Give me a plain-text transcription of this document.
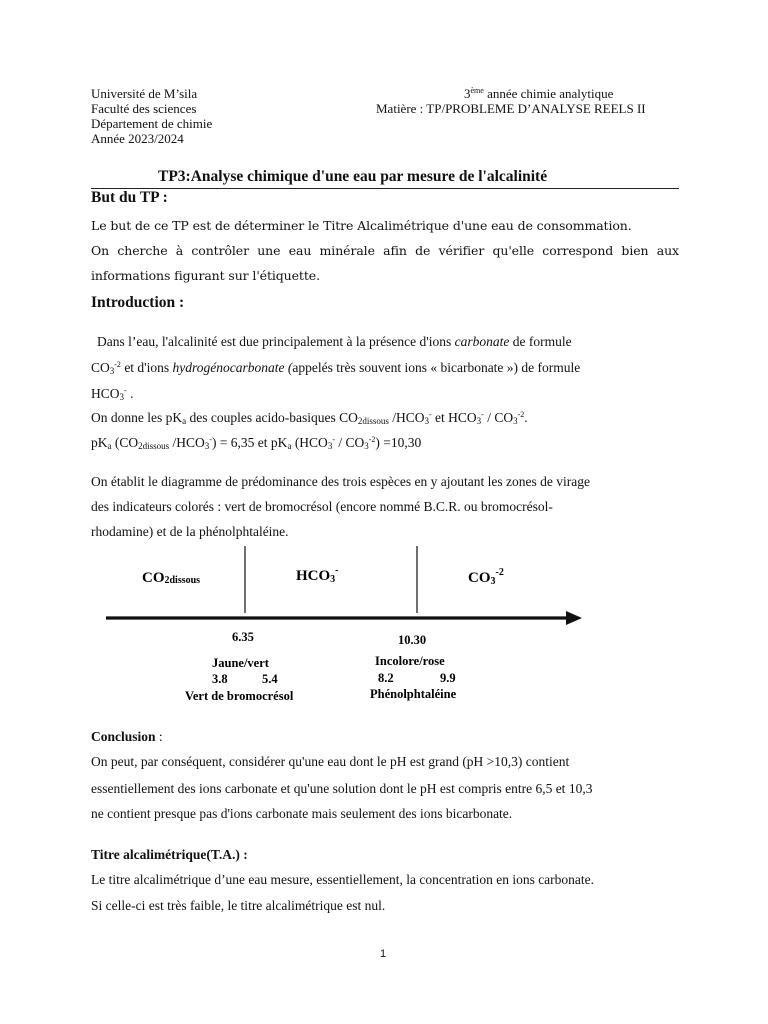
Université de M’sila
Faculté des sciences
Département de chimie
Année 2023/2024
3ème année chimie analytique
Matière : TP/PROBLEME D’ANALYSE REELS II
TP3:Analyse chimique d'une eau par mesure de l'alcalinité
But du TP :
Le but de ce TP est de déterminer le Titre Alcalimétrique d'une eau de consommation.
On cherche à contrôler une eau minérale afin de vérifier qu'elle correspond bien aux
informations figurant sur l'étiquette.
Introduction :
Dans l’eau, l'alcalinité est due principalement à la présence d'ions carbonate de formule
$CO_3^{-2}$ et d'ions hydrogénocarbonate (appelés très souvent ions « bicarbonate ») de formule
$HCO_3^-$ .
On donne les $pK_a$ des couples acido-basiques $CO_{2dissous}$ $/HCO_3^-$ et $HCO_3^- / CO_3^{-2}$.
$pK_a$ ($CO_{2dissous}$ $/HCO_3^-) = 6,35$ et $pK_a$ $(HCO_3^- / CO_3^{-2}) =10,30$
On établit le diagramme de prédominance des trois espèces en y ajoutant les zones de virage
des indicateurs colorés : vert de bromocrésol (encore nommé B.C.R. ou bromocrésol-
rhodamine) et de la phénolphtaléine.
CO2dissous	HCO3-	$CO3^{-2}$
6.35	10.30
Jaune/vert
3.8	5.4
Vert de bromocrésol
Incolore/rose
8.2	9.9
Phénolphtaléine
Conclusion :
On peut, par conséquent, considérer qu'une eau dont le pH est grand (pH >10,3) contient
essentiellement des ions carbonate et qu'une solution dont le pH est compris entre 6,5 et 10,3
ne contient presque pas d'ions carbonate mais seulement des ions bicarbonate.
Titre alcalimétrique(T.A.) :
Le titre alcalimétrique d’une eau mesure, essentiellement, la concentration en ions carbonate.
Si celle-ci est très faible, le titre alcalimétrique est nul.
1
